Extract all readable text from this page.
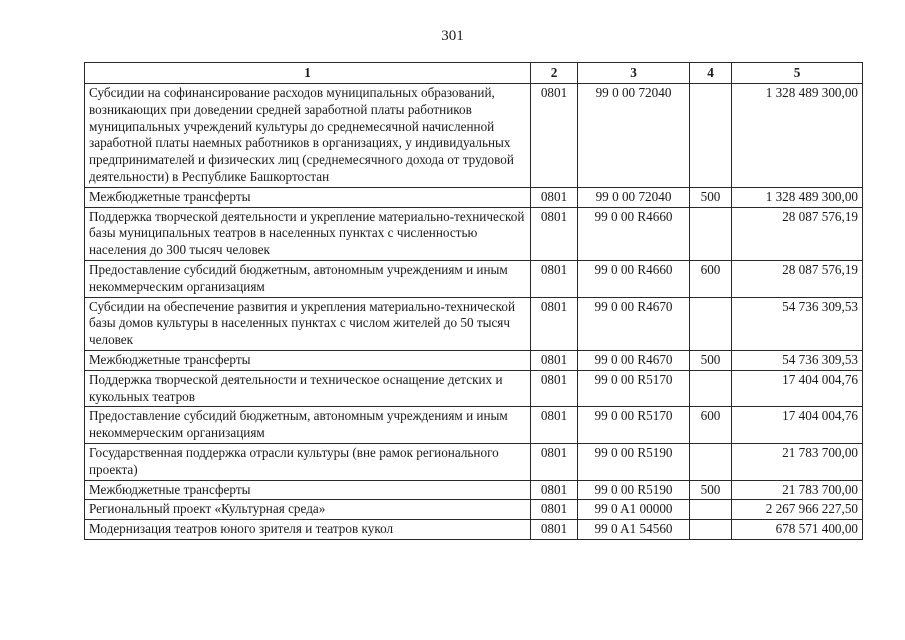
301
1	2	3	4	5
Субсидии на софинансирование расходов муниципальных образований, возникающих при доведении средней заработной платы работников муниципальных учреждений культуры до среднемесячной начисленной заработной платы наемных работников в организациях, у индивидуальных предпринимателей и физических лиц (среднемесячного дохода от трудовой деятельности) в Республике Башкортостан	0801	99 0 00 72040		1 328 489 300,00
Межбюджетные трансферты	0801	99 0 00 72040	500	1 328 489 300,00
Поддержка творческой деятельности и укрепление материально-технической базы муниципальных театров в населенных пунктах с численностью населения до 300 тысяч человек	0801	99 0 00 R4660		28 087 576,19
Предоставление субсидий бюджетным, автономным учреждениям и иным некоммерческим организациям	0801	99 0 00 R4660	600	28 087 576,19
Субсидии на обеспечение развития и укрепления материально-технической базы домов культуры в населенных пунктах с числом жителей до 50 тысяч человек	0801	99 0 00 R4670		54 736 309,53
Межбюджетные трансферты	0801	99 0 00 R4670	500	54 736 309,53
Поддержка творческой деятельности и техническое оснащение детских и кукольных театров	0801	99 0 00 R5170		17 404 004,76
Предоставление субсидий бюджетным, автономным учреждениям и иным некоммерческим организациям	0801	99 0 00 R5170	600	17 404 004,76
Государственная поддержка отрасли культуры (вне рамок регионального проекта)	0801	99 0 00 R5190		21 783 700,00
Межбюджетные трансферты	0801	99 0 00 R5190	500	21 783 700,00
Региональный проект «Культурная среда»	0801	99 0 A1 00000		2 267 966 227,50
Модернизация театров юного зрителя и театров кукол	0801	99 0 A1 54560		678 571 400,00
